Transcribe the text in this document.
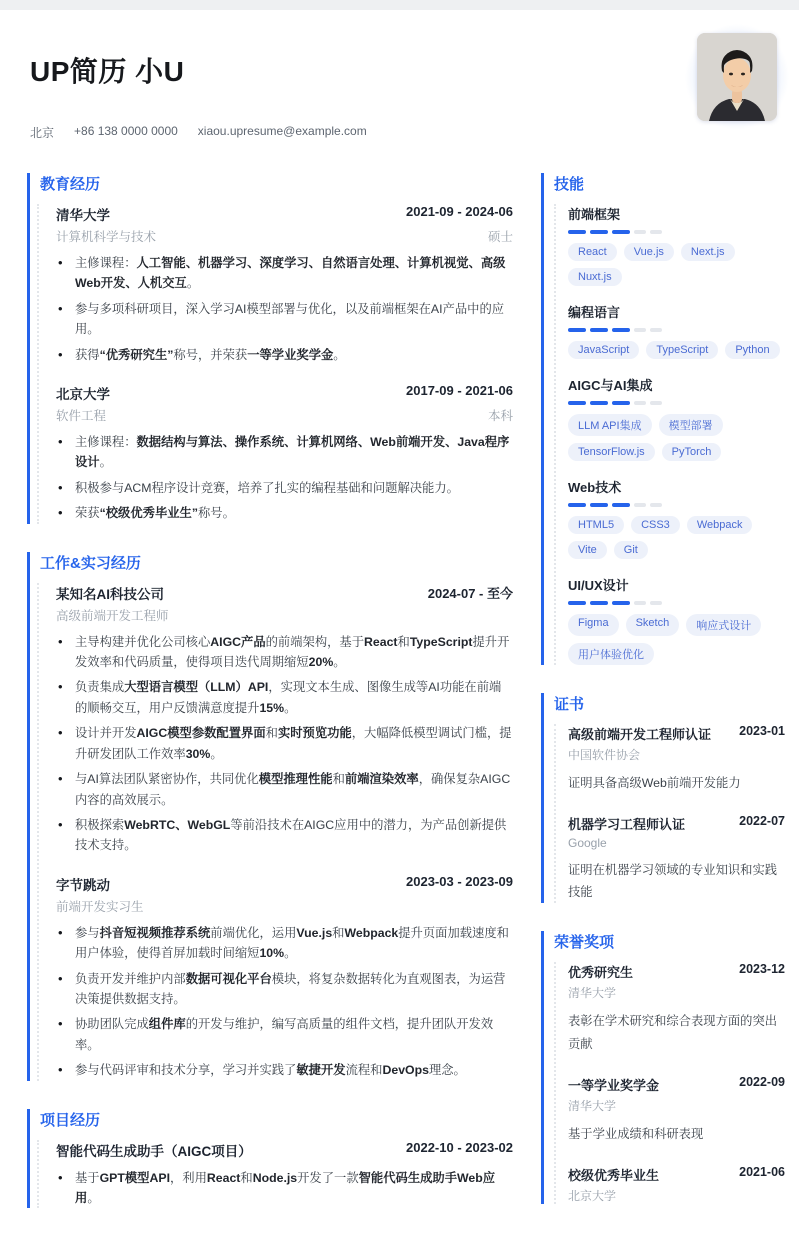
UP简历 小U
北京 +86 138 0000 0000 xiaou.upresume@example.com
教育经历
清华大学	2021-09 - 2024-06
计算机科学与技术	硕士
• 主修课程：人工智能、机器学习、深度学习、自然语言处理、计算机视觉、高级Web开发、人机交互。
• 参与多项科研项目，深入学习AI模型部署与优化，以及前端框架在AI产品中的应用。
• 获得“优秀研究生”称号，并荣获一等学业奖学金。
北京大学	2017-09 - 2021-06
软件工程	本科
• 主修课程：数据结构与算法、操作系统、计算机网络、Web前端开发、Java程序设计。
• 积极参与ACM程序设计竞赛，培养了扎实的编程基础和问题解决能力。
• 荣获“校级优秀毕业生”称号。
工作&实习经历
某知名AI科技公司	2024-07 - 至今
高级前端开发工程师
• 主导构建并优化公司核心AIGC产品的前端架构，基于React和TypeScript提升开发效率和代码质量，使得项目迭代周期缩短20%。
• 负责集成大型语言模型（LLM）API，实现文本生成、图像生成等AI功能在前端的顺畅交互，用户反馈满意度提升15%。
• 设计并开发AIGC模型参数配置界面和实时预览功能，大幅降低模型调试门槛，提升研发团队工作效率30%。
• 与AI算法团队紧密协作，共同优化模型推理性能和前端渲染效率，确保复杂AIGC内容的高效展示。
• 积极探索WebRTC、WebGL等前沿技术在AIGC应用中的潜力，为产品创新提供技术支持。
字节跳动	2023-03 - 2023-09
前端开发实习生
• 参与抖音短视频推荐系统前端优化，运用Vue.js和Webpack提升页面加载速度和用户体验，使得首屏加载时间缩短10%。
• 负责开发并维护内部数据可视化平台模块，将复杂数据转化为直观图表，为运营决策提供数据支持。
• 协助团队完成组件库的开发与维护，编写高质量的组件文档，提升团队开发效率。
• 参与代码评审和技术分享，学习并实践了敏捷开发流程和DevOps理念。
项目经历
智能代码生成助手（AIGC项目）	2022-10 - 2023-02
• 基于GPT模型API，利用React和Node.js开发了一款智能代码生成助手Web应用。
技能
前端框架
React	Vue.js	Next.js
Nuxt.js
编程语言
JavaScript	TypeScript	Python
AIGC与AI集成
LLM API集成	模型部署
TensorFlow.js	PyTorch
Web技术
HTML5	CSS3	Webpack
Vite	Git
UI/UX设计
Figma	Sketch	响应式设计
用户体验优化
证书
高级前端开发工程师认证 2023-01
中国软件协会
证明具备高级Web前端开发能力
机器学习工程师认证	2022-07
Google
证明在机器学习领域的专业知识和实践技能
荣誉奖项
优秀研究生	2023-12
清华大学
表彰在学术研究和综合表现方面的突出贡献
一等学业奖学金	2022-09
清华大学
基于学业成绩和科研表现
校级优秀毕业生	2021-06
北京大学
